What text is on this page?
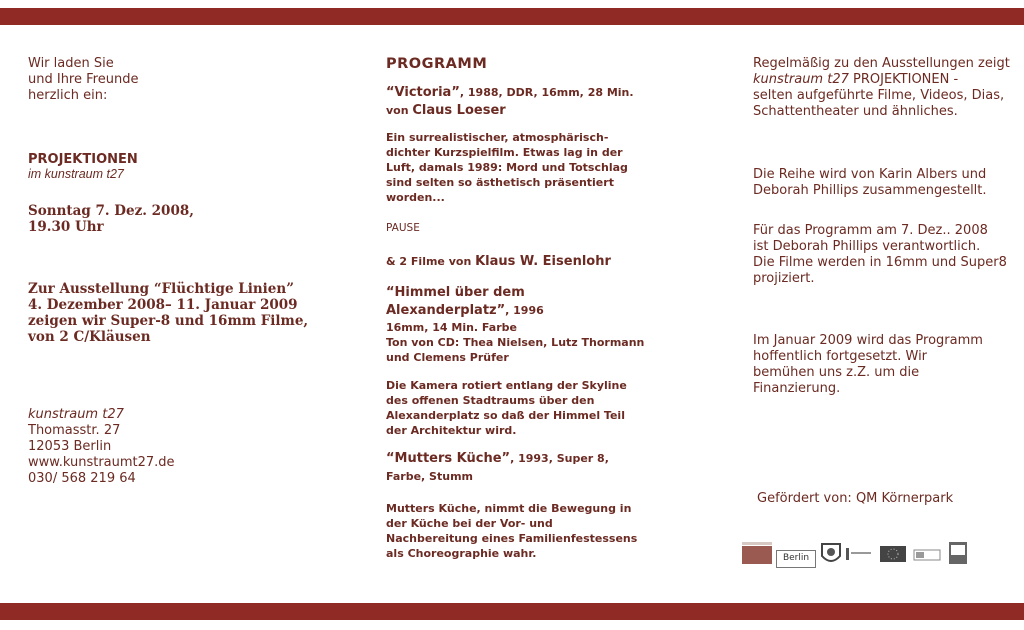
Wir laden Sie
und Ihre Freunde
herzlich ein:
PROJEKTIONEN
im kunstraum t27
Sonntag 7. Dez. 2008,
19.30 Uhr
Zur Ausstellung “Flüchtige Linien”
4. Dezember 2008– 11. Januar 2009
zeigen wir Super-8 und 16mm Filme,
von 2 C/Kläusen
kunstraum t27
Thomasstr. 27
12053 Berlin
www.kunstraumt27.de
030/ 568 219 64
PROGRAMM
“Victoria”, 1988, DDR, 16mm, 28 Min.
von Claus Loeser
Ein surrealistischer, atmosphärisch-
dichter Kurzspielfilm. Etwas lag in der
Luft, damals 1989: Mord und Totschlag
sind selten so ästhetisch präsentiert
worden...
PAUSE
& 2 Filme von Klaus W. Eisenlohr
“Himmel über dem
Alexanderplatz”, 1996
16mm, 14 Min. Farbe
Ton von CD: Thea Nielsen, Lutz Thormann
und Clemens Prüfer
Die Kamera rotiert entlang der Skyline
des offenen Stadtraums über den
Alexanderplatz so daß der Himmel Teil
der Architektur wird.
“Mutters Küche”, 1993, Super 8,
Farbe, Stumm
Mutters Küche, nimmt die Bewegung in
der Küche bei der Vor- und
Nachbereitung eines Familienfestessens
als Choreographie wahr.
Regelmäßig zu den Ausstellungen zeigt
kunstraum t27 PROJEKTIONEN -
selten aufgeführte Filme, Videos, Dias,
Schattentheater und ähnliches.
Die Reihe wird von Karin Albers und
Deborah Phillips zusammengestellt.
Für das Programm am 7. Dez.. 2008
ist Deborah Phillips verantwortlich.
Die Filme werden in 16mm und Super8
projiziert.
Im Januar 2009 wird das Programm
hoffentlich fortgesetzt. Wir
bemühen uns z.Z. um die
Finanzierung.
Gefördert von: QM Körnerpark
Berlin
